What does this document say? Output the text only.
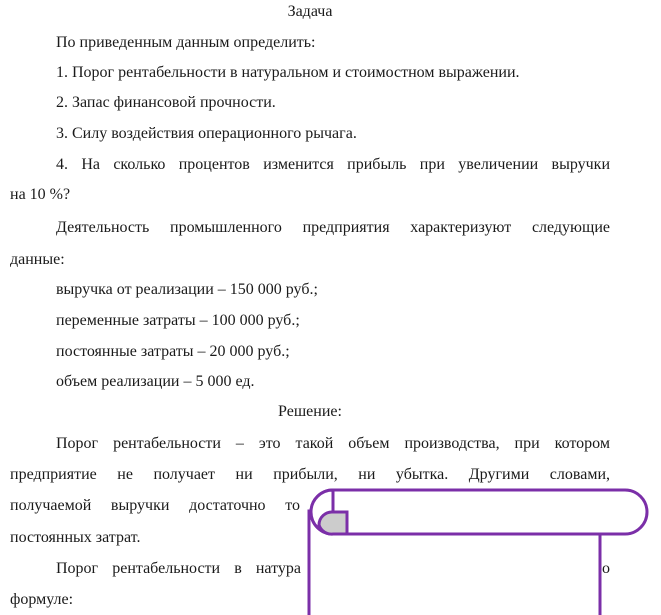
Задача
По приведенным данным определить:
1. Порог рентабельности в натуральном и стоимостном выражении.
2. Запас финансовой прочности.
3. Силу воздействия операционного рычага.
4. На сколько процентов изменится прибыль при увеличении выручки
на 10 %?
Деятельность промышленного предприятия характеризуют следующие
данные:
выручка от реализации – 150 000 руб.;
переменные затраты – 100 000 руб.;
постоянные затраты – 20 000 руб.;
объем реализации – 5 000 ед.
Решение:
Порог рентабельности – это такой объем производства, при котором
предприятие не получает ни прибыли, ни убытка. Другими словами,
получаемой выручки достаточно то
постоянных затрат.
Порог рентабельности в натура	о
формуле:
